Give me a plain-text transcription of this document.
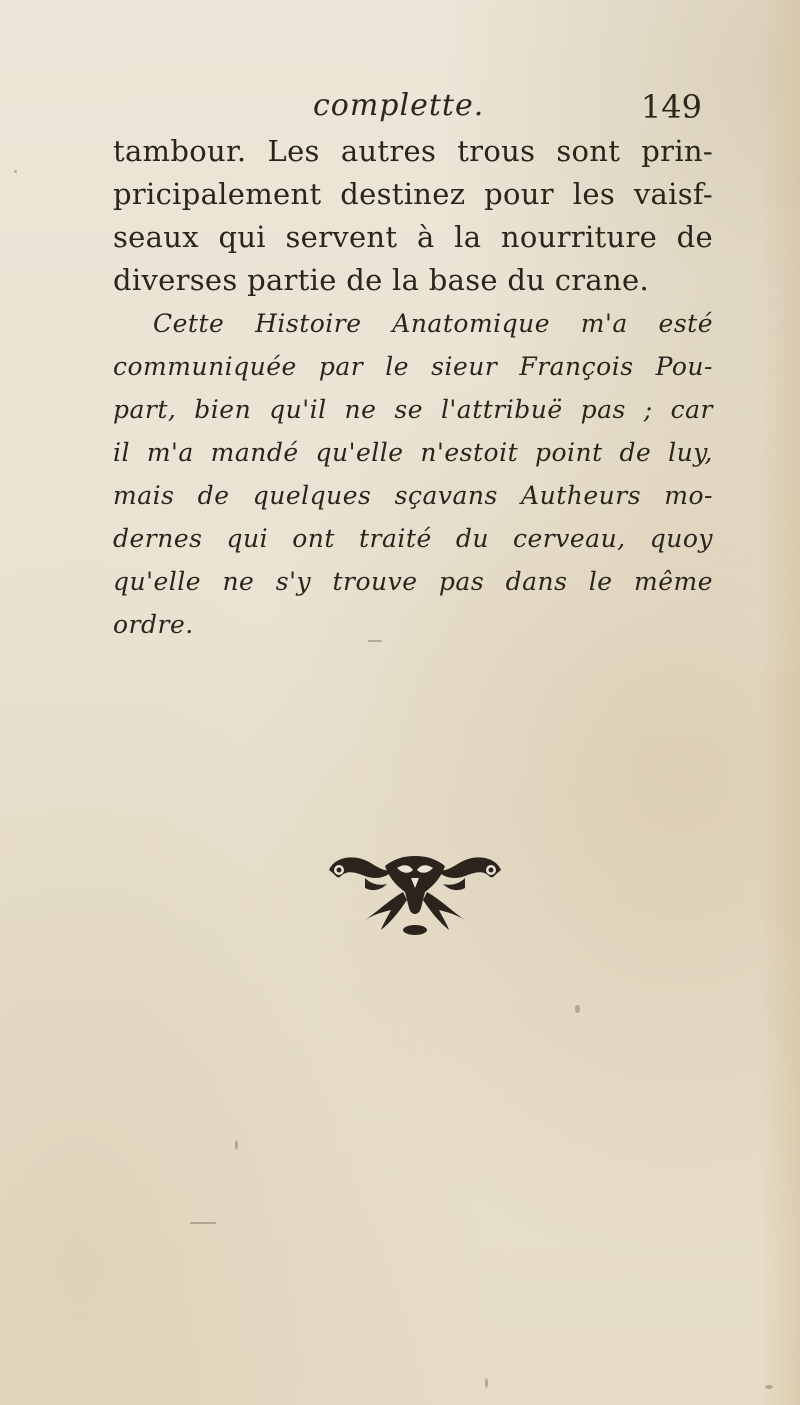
complette.	149
tambour. Les autres trous sont prin-
pricipalement destinez pour les vaisf-
seaux qui servent à la nourriture de
diverses partie de la base du crane.
Cette Histoire Anatomique m'a esté
communiquée par le sieur François Pou-
part, bien qu'il ne se l'attribuë pas ; car
il m'a mandé qu'elle n'estoit point de luy,
mais de quelques sçavans Autheurs mo-
dernes qui ont traité du cerveau, quoy
qu'elle ne s'y trouve pas dans le même
ordre.
